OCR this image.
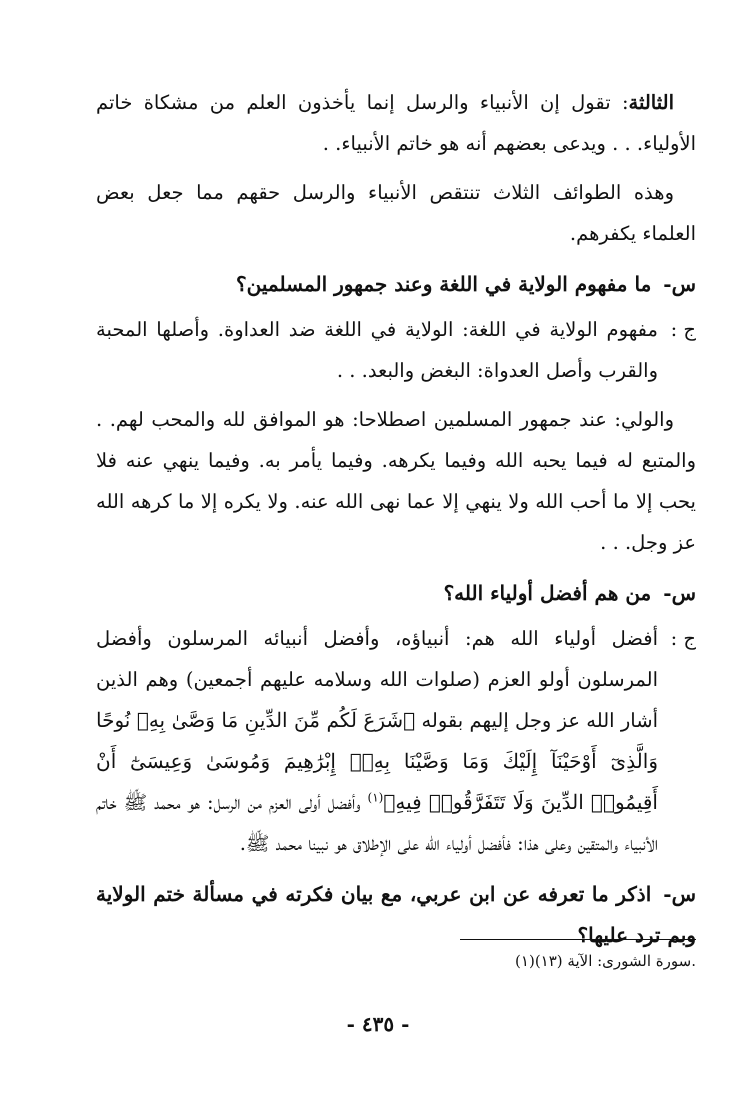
الثالثة: تقول إن الأنبياء والرسل إنما يأخذون العلم من مشكاة خاتم الأولياء. . . ويدعى بعضهم أنه هو خاتم الأنبياء. .

وهذه الطوائف الثلاث تنتقص الأنبياء والرسل حقهم مما جعل بعض العلماء يكفرهم.

س-ما مفهوم الولاية في اللغة وعند جمهور المسلمين؟

ج :
مفهوم الولاية في اللغة: الولاية في اللغة ضد العداوة. وأصلها المحبة والقرب وأصل العدواة: البغض والبعد. . .

والولي: عند جمهور المسلمين اصطلاحا: هو الموافق لله والمحب لهم. . والمتبع له فيما يحبه الله وفيما يكرهه. وفيما يأمر به. وفيما ينهي عنه فلا يحب إلا ما أحب الله ولا ينهي إلا عما نهى الله عنه. ولا يكره إلا ما كرهه الله عز وجل. . .

س-من هم أفضل أولياء الله؟

ج :
أفضل أولياء الله هم: أنبياؤه، وأفضل أنبيائه المرسلون وأفضل المرسلون أولو العزم (صلوات الله وسلامه عليهم أجمعين) وهم الذين أشار الله عز وجل إليهم بقوله ﴿شَرَعَ لَكُم مِّنَ الدِّينِ مَا وَصَّىٰ بِهِۦ نُوحًا وَالَّذِىٓ أَوْحَيْنَآ إِلَيْكَ وَمَا وَصَّيْنَا بِهِۦٓ إِبْرَٰهِيمَ وَمُوسَىٰ وَعِيسَىٰٓ أَنْ أَقِيمُوا۟ الدِّينَ وَلَا تَتَفَرَّقُوا۟ فِيهِ﴾$^{(١)}$ وأفضل أولى العزم من الرسل: هو محمد ﷺ خاتم الأنبياء والمتقين وعلى هذا: فأفضل أولياء الله على الإطلاق هو نبينا محمد ﷺ.

س-اذكر ما تعرفه عن ابن عربي، مع بيان فكرته في مسألة ختم الولاية وبم ترد عليها؟

(١)سورة الشورى: الآية (١٣).
- ٤٣٥ -
